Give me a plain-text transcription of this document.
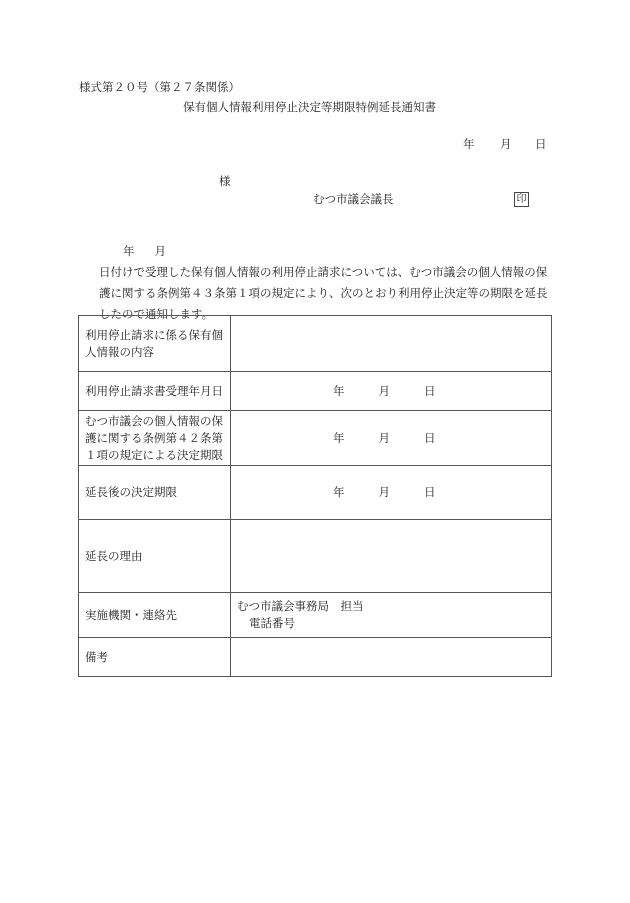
様式第２０号（第２７条関係）
保有個人情報利用停止決定等期限特例延長通知書
年 月 日
様
むつ市議会議長	印
年 月日付けで受理した保有個人情報の利用停止請求については、むつ市議会の個人情報の保護に関する条例第４３条第１項の規定により、次のとおり利用停止決定等の期限を延長したので通知します。
利用停止請求に係る保有個人情報の内容	
利用停止請求書受理年月日	年 月 日
むつ市議会の個人情報の保護に関する条例第４２条第１項の規定による決定期限	年 月 日
延長後の決定期限	年 月 日
延長の理由	
実施機関・連絡先	むつ市議会事務局　担当
電話番号

備考	
